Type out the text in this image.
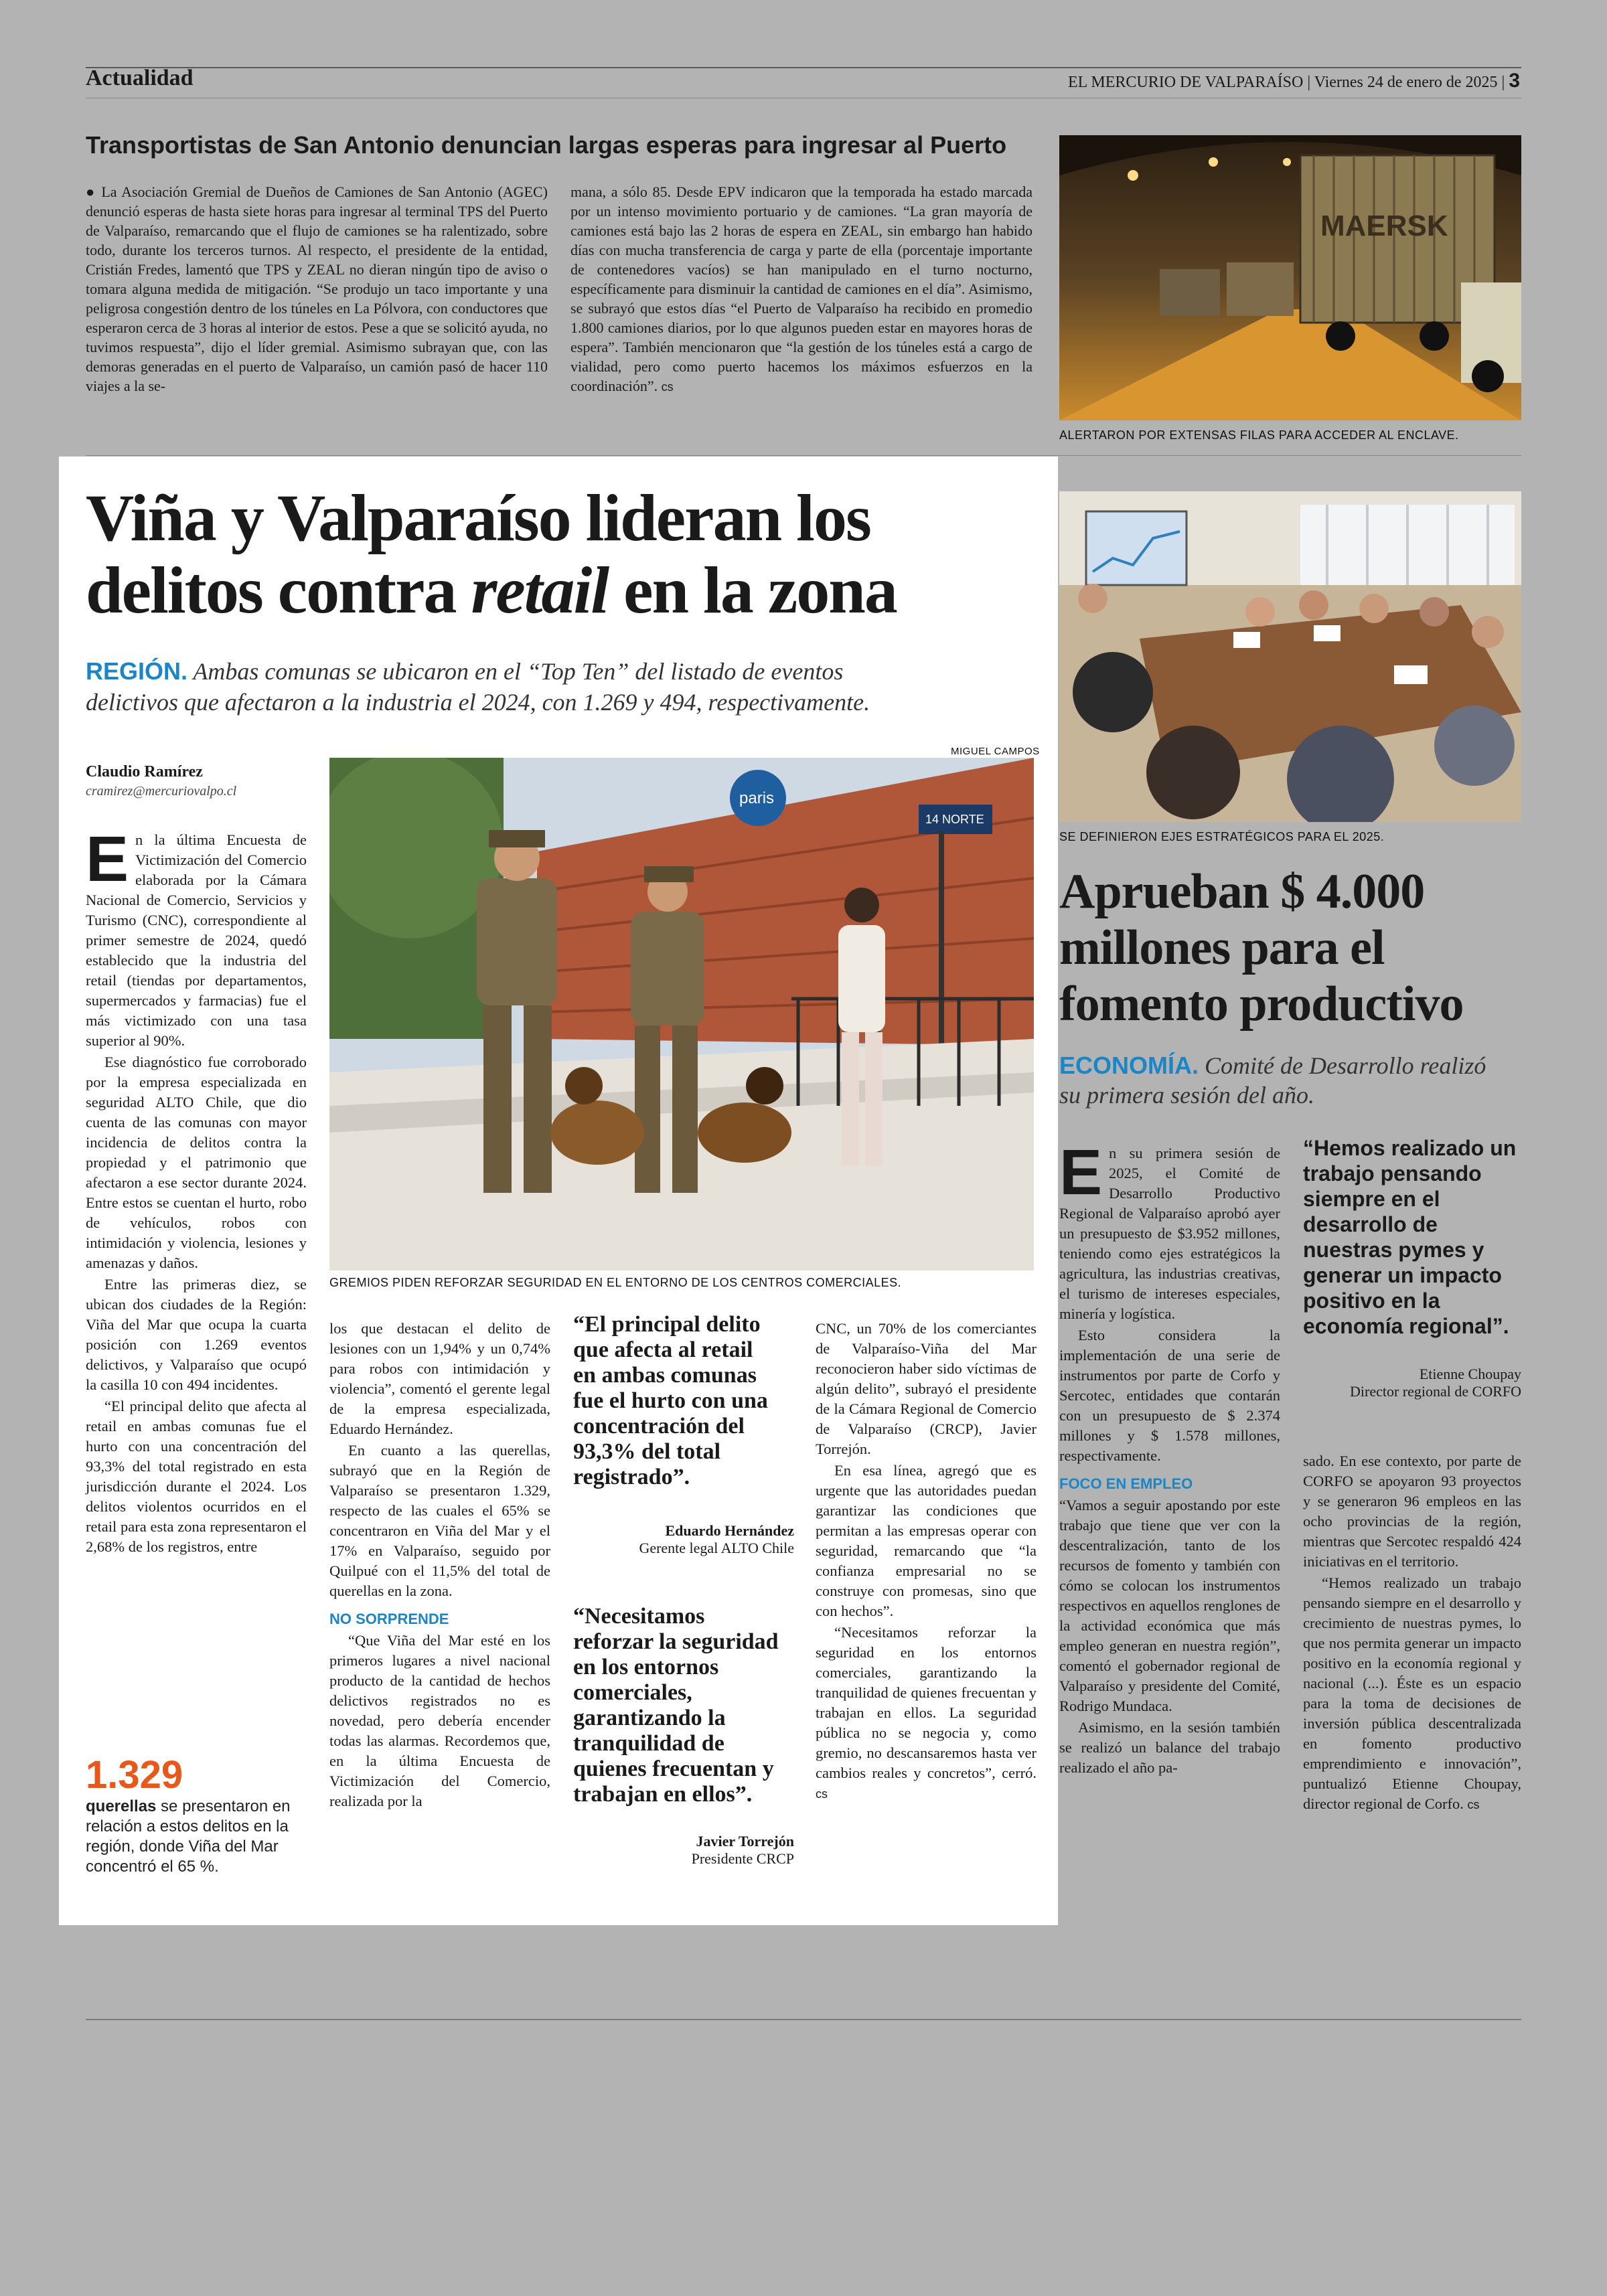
Actualidad	EL MERCURIO DE VALPARAÍSO | Viernes 24 de enero de 2025 | 3
Transportistas de San Antonio denuncian largas esperas para ingresar al Puerto

● La Asociación Gremial de Dueños de Camiones de San Antonio (AGEC) denunció esperas de hasta siete horas para ingresar al terminal TPS del Puerto de Valparaíso, remarcando que el flujo de camiones se ha ralentizado, sobre todo, durante los terceros turnos. Al respecto, el presidente de la entidad, Cristián Fredes, lamentó que TPS y ZEAL no dieran ningún tipo de aviso o tomara alguna medida de mitigación. “Se produjo un taco importante y una peligrosa congestión dentro de los túneles en La Pólvora, con conductores que esperaron cerca de 3 horas al interior de estos. Pese a que se solicitó ayuda, no tuvimos respuesta”, dijo el líder gremial. Asimismo subrayan que, con las demoras generadas en el puerto de Valparaíso, un camión pasó de hacer 110 viajes a la se-

mana, a sólo 85. Desde EPV indicaron que la temporada ha estado marcada por un intenso movimiento portuario y de camiones. “La gran mayoría de camiones está bajo las 2 horas de espera en ZEAL, sin embargo han habido días con mucha transferencia de carga y parte de ella (porcentaje importante de contenedores vacíos) se han manipulado en el turno nocturno, específicamente para disminuir la cantidad de camiones en el día”. Asimismo, se subrayó que estos días “el Puerto de Valparaíso ha recibido en promedio 1.800 camiones diarios, por lo que algunos pueden estar en mayores horas de espera”. También mencionaron que “la gestión de los túneles está a cargo de vialidad, pero como puerto hacemos los máximos esfuerzos en la coordinación”. cs

MAERSK
ALERTARON POR EXTENSAS FILAS PARA ACCEDER AL ENCLAVE.
Viña y Valparaíso lideran los
delitos contra retail en la zona
REGIÓN. Ambas comunas se ubicaron en el “Top Ten” del listado de eventos
delictivos que afectaron a la industria el 2024, con 1.269 y 494, respectivamente.
Claudio Ramírez
cramirez@mercuriovalpo.cl
MIGUEL CAMPOS
paris
14 NORTE
GREMIOS PIDEN REFORZAR SEGURIDAD EN EL ENTORNO DE LOS CENTROS COMERCIALES.

En la última Encuesta de Victimización del Comercio elaborada por la Cámara Nacional de Comercio, Servicios y Turismo (CNC), correspondiente al primer semestre de 2024, quedó establecido que la industria del retail (tiendas por departamentos, supermercados y farmacias) fue el más victimizado con una tasa superior al 90%.

Ese diagnóstico fue corroborado por la empresa especializada en seguridad ALTO Chile, que dio cuenta de las comunas con mayor incidencia de delitos contra la propiedad y el patrimonio que afectaron a ese sector durante 2024. Entre estos se cuentan el hurto, robo de vehículos, robos con intimidación y violencia, lesiones y amenazas y daños.

Entre las primeras diez, se ubican dos ciudades de la Región: Viña del Mar que ocupa la cuarta posición con 1.269 eventos delictivos, y Valparaíso que ocupó la casilla 10 con 494 incidentes.

“El principal delito que afecta al retail en ambas comunas fue el hurto con una concentración del 93,3% del total registrado en esta jurisdicción durante el 2024. Los delitos violentos ocurridos en el retail para esta zona representaron el 2,68% de los registros, entre

1.329
querellas se presentaron en relación a estos delitos en la región, donde Viña del Mar concentró el 65 %.

los que destacan el delito de lesiones con un 1,94% y un 0,74% para robos con intimidación y violencia”, comentó el gerente legal de la empresa especializada, Eduardo Hernández.

En cuanto a las querellas, subrayó que en la Región de Valparaíso se presentaron 1.329, respecto de las cuales el 65% se concentraron en Viña del Mar y el 17% en Valparaíso, seguido por Quilpué con el 11,5% del total de querellas en la zona.

NO SORPRENDE

“Que Viña del Mar esté en los primeros lugares a nivel nacional producto de la cantidad de hechos delictivos registrados no es novedad, pero debería encender todas las alarmas. Recordemos que, en la última Encuesta de Victimización del Comercio, realizada por la

“El principal delito que afecta al retail en ambas comunas fue el hurto con una concentración del 93,3% del total registrado”.
Eduardo Hernández
Gerente legal ALTO Chile
“Necesitamos reforzar la seguridad en los entornos comerciales, garantizando la tranquilidad de quienes frecuentan y trabajan en ellos”.
Javier Torrejón
Presidente CRCP

CNC, un 70% de los comerciantes de Valparaíso-Viña del Mar reconocieron haber sido víctimas de algún delito”, subrayó el presidente de la Cámara Regional de Comercio de Valparaíso (CRCP), Javier Torrejón.

En esa línea, agregó que es urgente que las autoridades puedan garantizar las condiciones que permitan a las empresas operar con seguridad, remarcando que “la confianza empresarial no se construye con promesas, sino que con hechos”.

“Necesitamos reforzar la seguridad en los entornos comerciales, garantizando la tranquilidad de quienes frecuentan y trabajan en ellos. La seguridad pública no se negocia y, como gremio, no descansaremos hasta ver cambios reales y concretos”, cerró. cs

SE DEFINIERON EJES ESTRATÉGICOS PARA EL 2025.
Aprueban $ 4.000
millones para el
fomento productivo
ECONOMÍA. Comité de Desarrollo realizó
su primera sesión del año.

En su primera sesión de 2025, el Comité de Desarrollo Productivo Regional de Valparaíso aprobó ayer un presupuesto de $3.952 millones, teniendo como ejes estratégicos la agricultura, las industrias creativas, el turismo de intereses especiales, minería y logística.

Esto considera la implementación de una serie de instrumentos por parte de Corfo y Sercotec, entidades que contarán con un presupuesto de $ 2.374 millones y $ 1.578 millones, respectivamente.

FOCO EN EMPLEO

“Vamos a seguir apostando por este trabajo que tiene que ver con la descentralización, tanto de los recursos de fomento y también con cómo se colocan los instrumentos respectivos en aquellos renglones de la actividad económica que más empleo generan en nuestra región”, comentó el gobernador regional de Valparaíso y presidente del Comité, Rodrigo Mundaca.

Asimismo, en la sesión también se realizó un balance del trabajo realizado el año pa-

“Hemos realizado un trabajo pensando siempre en el desarrollo de nuestras pymes y generar un impacto positivo en la economía regional”.
Etienne Choupay
Director regional de CORFO

sado. En ese contexto, por parte de CORFO se apoyaron 93 proyectos y se generaron 96 empleos en las ocho provincias de la región, mientras que Sercotec respaldó 424 iniciativas en el territorio.

“Hemos realizado un trabajo pensando siempre en el desarrollo y crecimiento de nuestras pymes, lo que nos permita generar un impacto positivo en la economía regional y nacional (...). Éste es un espacio para la toma de decisiones de inversión pública descentralizada en fomento productivo emprendimiento e innovación”, puntualizó Etienne Choupay, director regional de Corfo. cs
